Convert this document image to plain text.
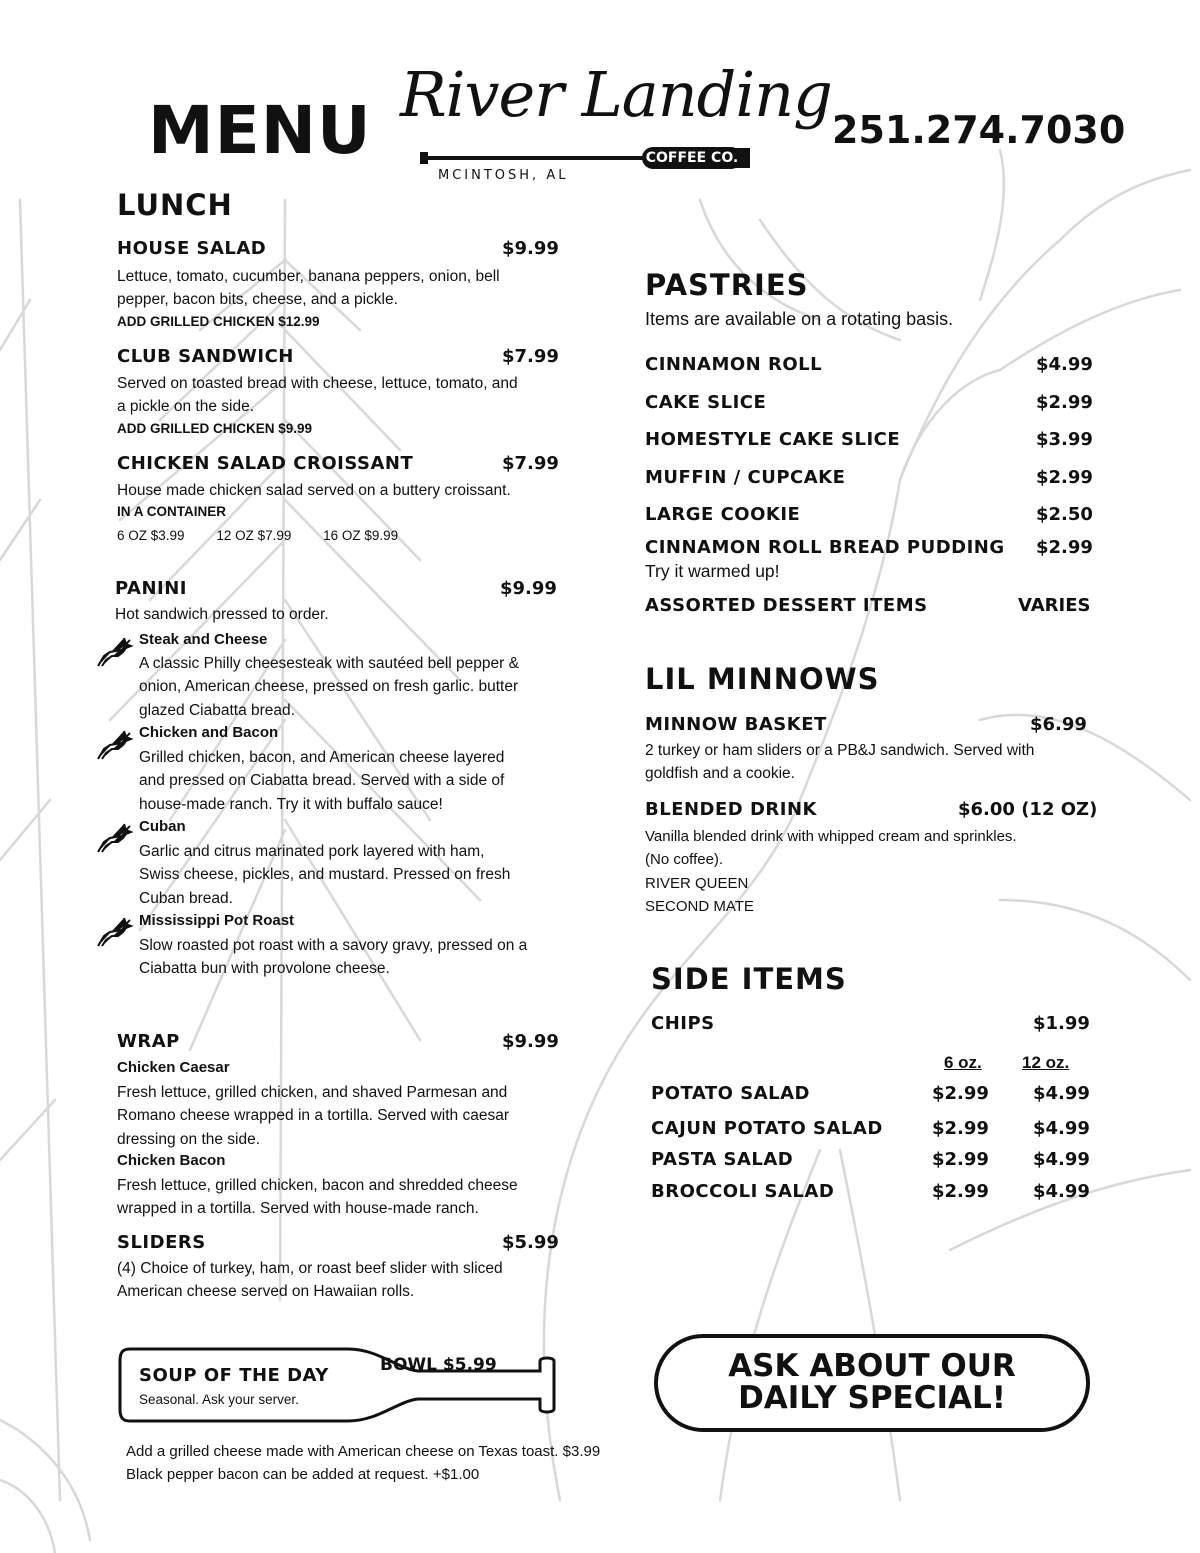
MENU River Landing
COFFEE CO.
MCINTOSH, AL
251.274.7030
LUNCH
HOUSE SALAD	$9.99
Lettuce, tomato, cucumber, banana peppers, onion, bell
pepper, bacon bits, cheese, and a pickle.
ADD GRILLED CHICKEN $12.99
CLUB SANDWICH	$7.99
Served on toasted bread with cheese, lettuce, tomato, and
a pickle on the side.
ADD GRILLED CHICKEN $9.99
CHICKEN SALAD CROISSANT	$7.99
House made chicken salad served on a buttery croissant.
IN A CONTAINER
6 OZ $3.99 12 OZ $7.99 16 OZ $9.99
PANINI	$9.99
Hot sandwich pressed to order.
Steak and Cheese
A classic Philly cheesesteak with sautéed bell pepper &
onion, American cheese, pressed on fresh garlic. butter
glazed Ciabatta bread.
Chicken and Bacon
Grilled chicken, bacon, and American cheese layered
and pressed on Ciabatta bread. Served with a side of
house-made ranch. Try it with buffalo sauce!
Cuban
Garlic and citrus marinated pork layered with ham,
Swiss cheese, pickles, and mustard. Pressed on fresh
Cuban bread.
Mississippi Pot Roast
Slow roasted pot roast with a savory gravy, pressed on a
Ciabatta bun with provolone cheese.
WRAP	$9.99
Chicken Caesar
Fresh lettuce, grilled chicken, and shaved Parmesan and
Romano cheese wrapped in a tortilla. Served with caesar
dressing on the side.
Chicken Bacon
Fresh lettuce, grilled chicken, bacon and shredded cheese
wrapped in a tortilla. Served with house-made ranch.
SLIDERS	$5.99
(4) Choice of turkey, ham, or roast beef slider with sliced
American cheese served on Hawaiian rolls.
SOUP OF THE DAY
Seasonal. Ask your server.
BOWL $5.99
Add a grilled cheese made with American cheese on Texas toast. $3.99
Black pepper bacon can be added at request. +$1.00
PASTRIES
Items are available on a rotating basis.
CINNAMON ROLL	$4.99
CAKE SLICE	$2.99
HOMESTYLE CAKE SLICE	$3.99
MUFFIN / CUPCAKE	$2.99
LARGE COOKIE	$2.50
CINNAMON ROLL BREAD PUDDING $2.99
Try it warmed up!
ASSORTED DESSERT ITEMS	VARIES
LIL MINNOWS
MINNOW BASKET	$6.99
2 turkey or ham sliders or a PB&J sandwich. Served with
goldfish and a cookie.
BLENDED DRINK	$6.00 (12 OZ)
Vanilla blended drink with whipped cream and sprinkles.
(No coffee).
RIVER QUEEN
SECOND MATE
SIDE ITEMS
CHIPS	$1.99
6 oz. 12 oz.
POTATO SALAD	$2.99 $4.99
CAJUN POTATO SALAD	$2.99 $4.99
PASTA SALAD	$2.99 $4.99
BROCCOLI SALAD	$2.99 $4.99
ASK ABOUT OUR
DAILY SPECIAL!
